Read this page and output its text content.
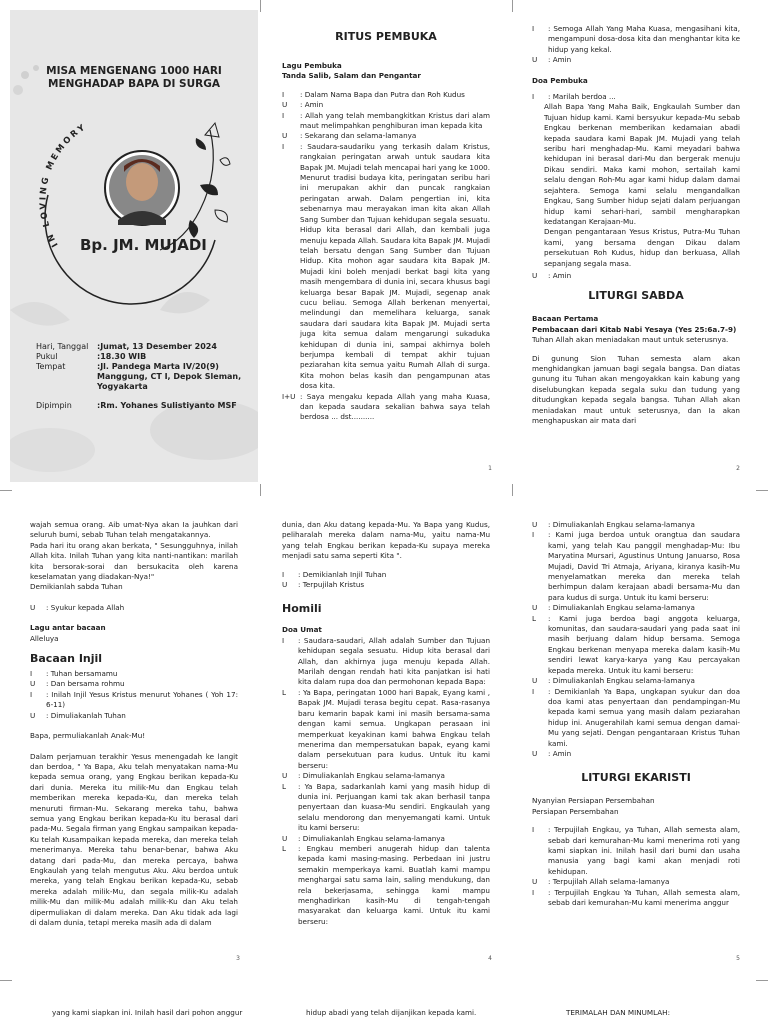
MISA MENGENANG 1000 HARI MENGHADAP BAPA DI SURGA
IN LOVING MEMORY
Bp. JM. MUJADI
Hari, Tanggal :Jumat, 13 Desember 2024
Pukul	:18.30 WIB
Tempat	:Jl. Pandega Marta IV/20(9) Manggung, CT I, Depok Sleman, Yogyakarta
Dipimpin	:Rm. Yohanes Sulistiyanto MSF
RITUS PEMBUKA
Lagu Pembuka
Tanda Salib, Salam dan Pengantar
I	: Dalam Nama Bapa dan Putra dan Roh Kudus
U	: Amin
I	: Allah yang telah membangkitkan Kristus dari alam maut melimpahkan penghiburan iman kepada kita
U	: Sekarang dan selama-lamanya
I	: Saudara-saudariku yang terkasih dalam Kristus, rangkaian peringatan arwah untuk saudara kita Bapak JM. Mujadi telah mencapai hari yang ke 1000. Menurut tradisi budaya kita, peringatan seribu hari ini merupakan akhir dan puncak rangkaian peringatan arwah. Dalam pengertian ini, kita sebenarnya mau merayakan iman kita akan Allah Sang Sumber dan Tujuan kehidupan segala sesuatu. Hidup kita berasal dari Allah, dan kembali juga menuju kepada Allah. Saudara kita Bapak JM. Mujadi telah bersatu dengan Sang Sumber dan Tujuan Hidup. Kita mohon agar saudara kita Bapak JM. Mujadi kini boleh menjadi berkat bagi kita yang masih mengembara di dunia ini, secara khusus bagi keluarga besar Bapak JM. Mujadi, segenap anak cucu beliau. Semoga Allah berkenan menyertai, melindungi dan memelihara keluarga, sanak saudara dari saudara kita Bapak JM. Mujadi serta juga kita semua dalam mengarungi sukaduka kehidupan di dunia ini, sampai akhirnya boleh berjumpa kembali di tempat akhir tujuan peziarahan kita semua yaitu Rumah Allah di surga. Kita mohon belas kasih dan pengampunan atas dosa kita.
I+U : Saya mengaku kepada Allah yang maha Kuasa, dan kepada saudara sekalian bahwa saya telah berdosa ... dst..........
1
I	: Semoga Allah Yang Maha Kuasa, mengasihani kita, mengampuni dosa-dosa kita dan menghantar kita ke hidup yang kekal.
U	: Amin
Doa Pembuka
I	: Marilah berdoa ...
Allah Bapa Yang Maha Baik, Engkaulah Sumber dan Tujuan hidup kami. Kami bersyukur kepada-Mu sebab Engkau berkenan memberikan kedamaian abadi kepada saudara kami Bapak JM. Mujadi yang telah seribu hari menghadap-Mu. Kami meyadari bahwa kehidupan ini berasal dari-Mu dan bergerak menuju Dikau sendiri. Maka kami mohon, sertailah kami selalu dengan Roh-Mu agar kami hidup dalam damai sejahtera. Semoga kami selalu mengandalkan Engkau, Sang Sumber hidup sejati dalam perjuangan hidup kami sehari-hari, sambil mengharapkan kedatangan Kerajaan-Mu.
Dengan pengantaraan Yesus Kristus, Putra-Mu Tuhan kami, yang bersama dengan Dikau dalam persekutuan Roh Kudus, hidup dan berkuasa, Allah sepanjang segala masa.
U	: Amin
LITURGI SABDA
Bacaan Pertama
Pembacaan dari Kitab Nabi Yesaya (Yes 25:6a.7-9)
Tuhan Allah akan meniadakan maut untuk seterusnya.
Di gunung Sion Tuhan semesta alam akan menghidangkan jamuan bagi segala bangsa. Dan diatas gunung itu Tuhan akan mengoyakkan kain kabung yang diselubungkan kepada segala suku dan tudung yang ditudungkan kepada segala bangsa. Tuhan Allah akan meniadakan maut untuk seterusnya, dan Ia akan menghapuskan air mata dari
2
wajah semua orang. Aib umat-Nya akan Ia jauhkan dari seluruh bumi, sebab Tuhan telah mengatakannya.
Pada hari itu orang akan berkata, " Sesungguhnya, inilah Allah kita. Inilah Tuhan yang kita nanti-nantikan: marilah kita bersorak-sorai dan bersukacita oleh karena keselamatan yang diadakan-Nya!"
Demikianlah sabda Tuhan
U	: Syukur kepada Allah
Lagu antar bacaan
Alleluya
Bacaan Injil
I	: Tuhan bersamamu
U	: Dan bersama rohmu
I	: Inilah Injil Yesus Kristus menurut Yohanes ( Yoh 17: 6-11)
U	: Dimuliakanlah Tuhan
Bapa, permuliakanlah Anak-Mu!
Dalam perjamuan terakhir Yesus menengadah ke langit dan berdoa, " Ya Bapa, Aku telah menyatakan nama-Mu kepada semua orang, yang Engkau berikan kepada-Ku dari dunia. Mereka itu milik-Mu dan Engkau telah memberikan mereka kepada-Ku, dan mereka telah menuruti firman-Mu. Sekarang mereka tahu, bahwa semua yang Engkau berikan kepada-Ku itu berasal dari pada-Mu. Segala firman yang Engkau sampaikan kepada-Ku telah Kusampaikan kepada mereka, dan mereka telah menerimanya. Mereka tahu benar-benar, bahwa Aku datang dari pada-Mu, dan mereka percaya, bahwa Engkaulah yang telah mengutus Aku. Aku berdoa untuk mereka, yang telah Engkau berikan kepada-Ku, sebab mereka adalah milik-Mu, dan segala milik-Ku adalah milik-Mu dan milik-Mu adalah milik-Ku dan Aku telah dipermuliakan di dalam mereka. Dan Aku tidak ada lagi di dalam dunia, tetapi mereka masih ada di dalam
3
dunia, dan Aku datang kepada-Mu. Ya Bapa yang Kudus, peliharalah mereka dalam nama-Mu, yaitu nama-Mu yang telah Engkau berikan kepada-Ku supaya mereka menjadi satu sama seperti Kita ".
I	: Demikianlah Injil Tuhan
U	: Terpujilah Kristus
Homili
Doa Umat
I	: Saudara-saudari, Allah adalah Sumber dan Tujuan kehidupan segala sesuatu. Hidup kita berasal dari Allah, dan akhirnya juga menuju kepada Allah. Marilah dengan rendah hati kita panjatkan isi hati kita dalam rupa doa dan permohonan kepada Bapa:
L	: Ya Bapa, peringatan 1000 hari Bapak, Eyang kami , Bapak JM. Mujadi terasa begitu cepat. Rasa-rasanya baru kemarin bapak kami ini masih bersama-sama dengan kami semua. Ungkapan perasaan ini memperkuat keyakinan kami bahwa Engkau telah menerima dan mempersatukan bapak, eyang kami dalam persekutuan para kudus. Untuk itu kami berseru:
U	: Dimuliakanlah Engkau selama-lamanya
L	: Ya Bapa, sadarkanlah kami yang masih hidup di dunia ini. Perjuangan kami tak akan berhasil tanpa penyertaan dan kuasa-Mu sendiri. Engkaulah yang selalu mendorong dan menyemangati kami. Untuk itu kami berseru:
U	: Dimuliakanlah Engkau selama-lamanya
L	: Engkau memberi anugerah hidup dan talenta kepada kami masing-masing. Perbedaan ini justru semakin memperkaya kami. Buatlah kami mampu menghargai satu sama lain, saling mendukung, dan rela bekerjasama, sehingga kami mampu menghadirkan kasih-Mu di tengah-tengah masyarakat dan keluarga kami. Untuk itu kami berseru:
4
U	: Dimuliakanlah Engkau selama-lamanya
I	: Kami juga berdoa untuk orangtua dan saudara kami, yang telah Kau panggil menghadap-Mu: Ibu Maryatina Mursari, Agustinus Untung Januarso, Rosa Mujadi, David Tri Atmaja, Ariyana, kiranya kasih-Mu menyelamatkan mereka dan mereka telah berhimpun dalam kerajaan abadi bersama-Mu dan para kudus di surga. Untuk itu kami berseru:
U	: Dimuliakanlah Engkau selama-lamanya
L	: Kami juga berdoa bagi anggota keluarga, komunitas, dan saudara-saudari yang pada saat ini masih berjuang dalam hidup bersama. Semoga Engkau berkenan menyapa mereka dalam kasih-Mu sendiri lewat karya-karya yang Kau percayakan kepada mereka. Untuk itu kami berseru:
U	: Dimuliakanlah Engkau selama-lamanya
I	: Demikianlah Ya Bapa, ungkapan syukur dan doa doa kami atas penyertaan dan pendampingan-Mu kepada kami semua yang masih dalam peziarahan hidup ini. Anugerahilah kami semua dengan damai-Mu yang sejati. Dengan pengantaraan Kristus Tuhan kami.
U	: Amin
LITURGI EKARISTI
Nyanyian Persiapan Persembahan
Persiapan Persembahan
I	: Terpujilah Engkau, ya Tuhan, Allah semesta alam, sebab dari kemurahan-Mu kami menerima roti yang kami siapkan ini. Inilah hasil dari bumi dan usaha manusia yang bagi kami akan menjadi roti kehidupan.
U	: Terpujilah Allah selama-lamanya
I	: Terpujilah Engkau Ya Tuhan, Allah semesta alam, sebab dari kemurahan-Mu kami menerima anggur
5
yang kami siapkan ini. Inilah hasil dari pohon anggur	hidup abadi yang telah dijanjikan kepada kami.	TERIMALAH DAN MINUMLAH:
